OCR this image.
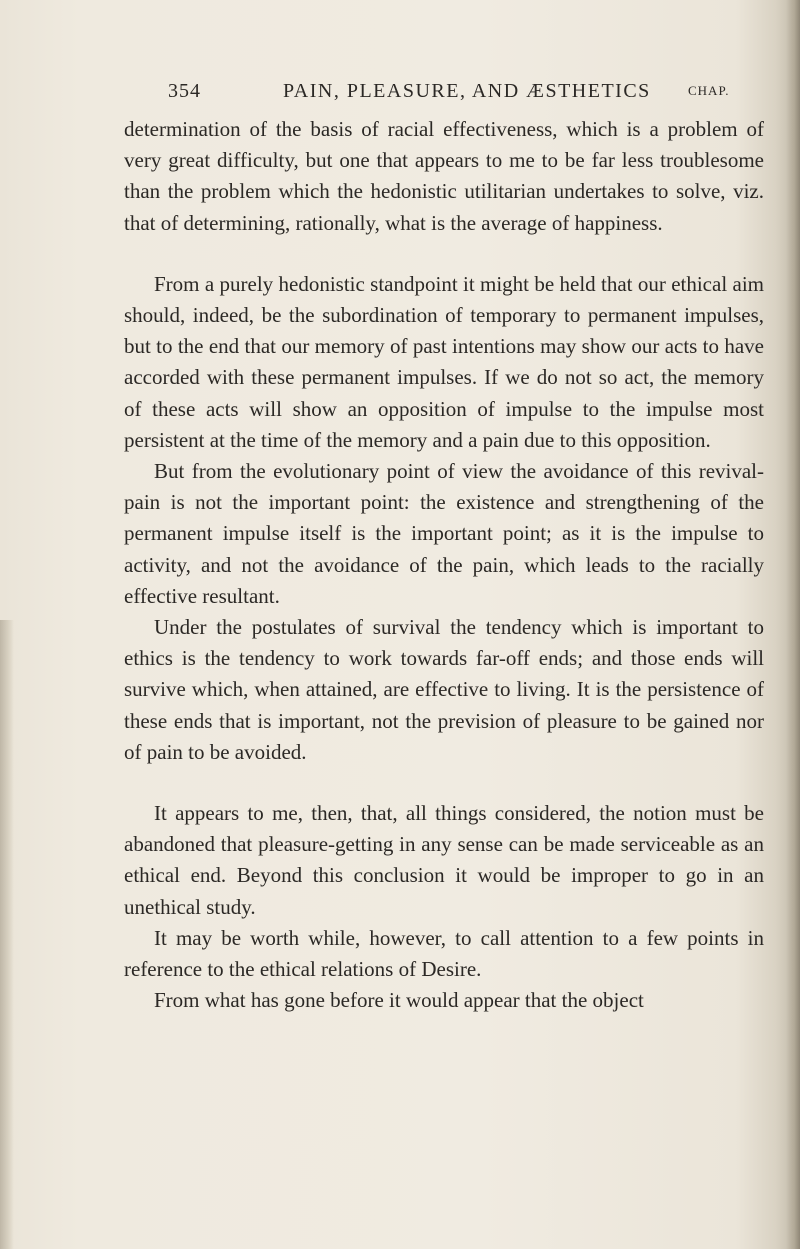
354	PAIN, PLEASURE, AND ÆSTHETICS	CHAP.

determination of the basis of racial effectiveness, which is a problem of very great difficulty, but one that appears to me to be far less troublesome than the problem which the hedonistic utilitarian undertakes to solve, viz. that of determining, rationally, what is the average of happiness.

From a purely hedonistic standpoint it might be held that our ethical aim should, indeed, be the subordination of temporary to permanent impulses, but to the end that our memory of past intentions may show our acts to have accorded with these permanent impulses. If we do not so act, the memory of these acts will show an opposition of impulse to the impulse most persistent at the time of the memory and a pain due to this opposition.

But from the evolutionary point of view the avoidance of this revival-pain is not the important point: the existence and strengthening of the permanent impulse itself is the important point; as it is the impulse to activity, and not the avoidance of the pain, which leads to the racially effective resultant.

Under the postulates of survival the tendency which is important to ethics is the tendency to work towards far-off ends; and those ends will survive which, when attained, are effective to living. It is the persistence of these ends that is important, not the prevision of pleasure to be gained nor of pain to be avoided.

It appears to me, then, that, all things considered, the notion must be abandoned that pleasure-getting in any sense can be made serviceable as an ethical end. Beyond this conclusion it would be improper to go in an unethical study.

It may be worth while, however, to call attention to a few points in reference to the ethical relations of Desire.

From what has gone before it would appear that the object
